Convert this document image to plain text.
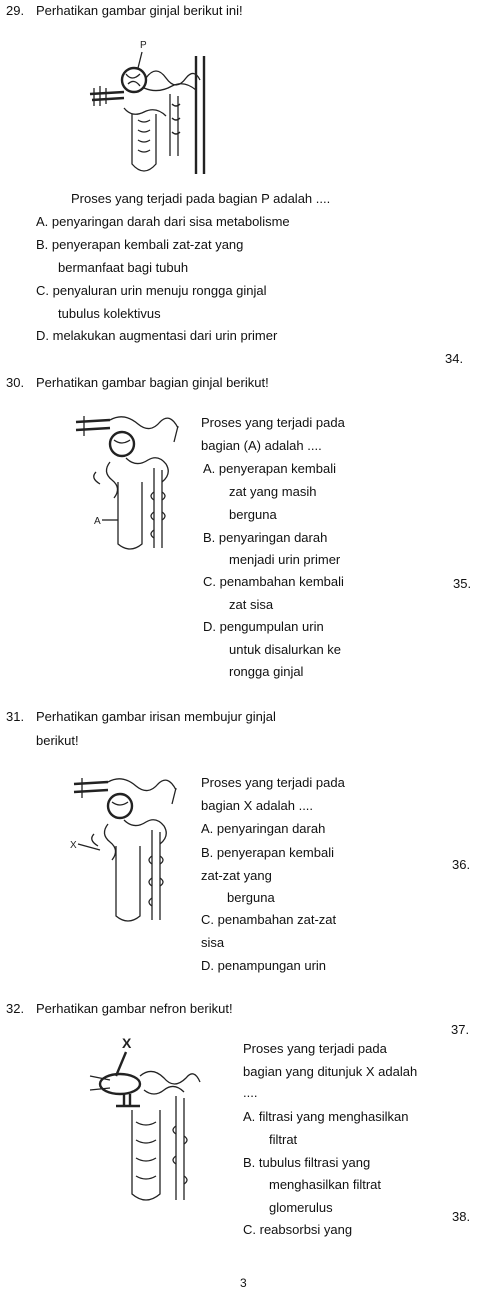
29. Perhatikan gambar ginjal berikut ini!
P
Proses yang terjadi pada bagian P adalah ....
A. penyaringan darah dari sisa metabolisme
B. penyerapan kembali zat-zat yang
bermanfaat bagi tubuh
C. penyaluran urin menuju rongga ginjal
tubulus kolektivus
D. melakukan augmentasi dari urin primer
34.
30. Perhatikan gambar bagian ginjal berikut!
A
Proses yang terjadi pada
bagian (A) adalah ....
A. penyerapan kembali
zat yang masih
berguna
B. penyaringan darah
menjadi urin primer
C. penambahan kembali
zat sisa
D. pengumpulan urin
untuk disalurkan ke
rongga ginjal
35.
31. Perhatikan gambar irisan membujur ginjal
berikut!
X
Proses yang terjadi pada
bagian X adalah ....
A. penyaringan darah
B. penyerapan kembali
zat-zat yang
berguna
C. penambahan zat-zat
sisa
D. penampungan urin
36.
32. Perhatikan gambar nefron berikut!
37.
X	Proses yang terjadi pada
bagian yang ditunjuk X adalah
....
A. filtrasi yang menghasilkan
filtrat
B. tubulus filtrasi yang
menghasilkan filtrat
glomerulus
C. reabsorbsi yang
38.
3
